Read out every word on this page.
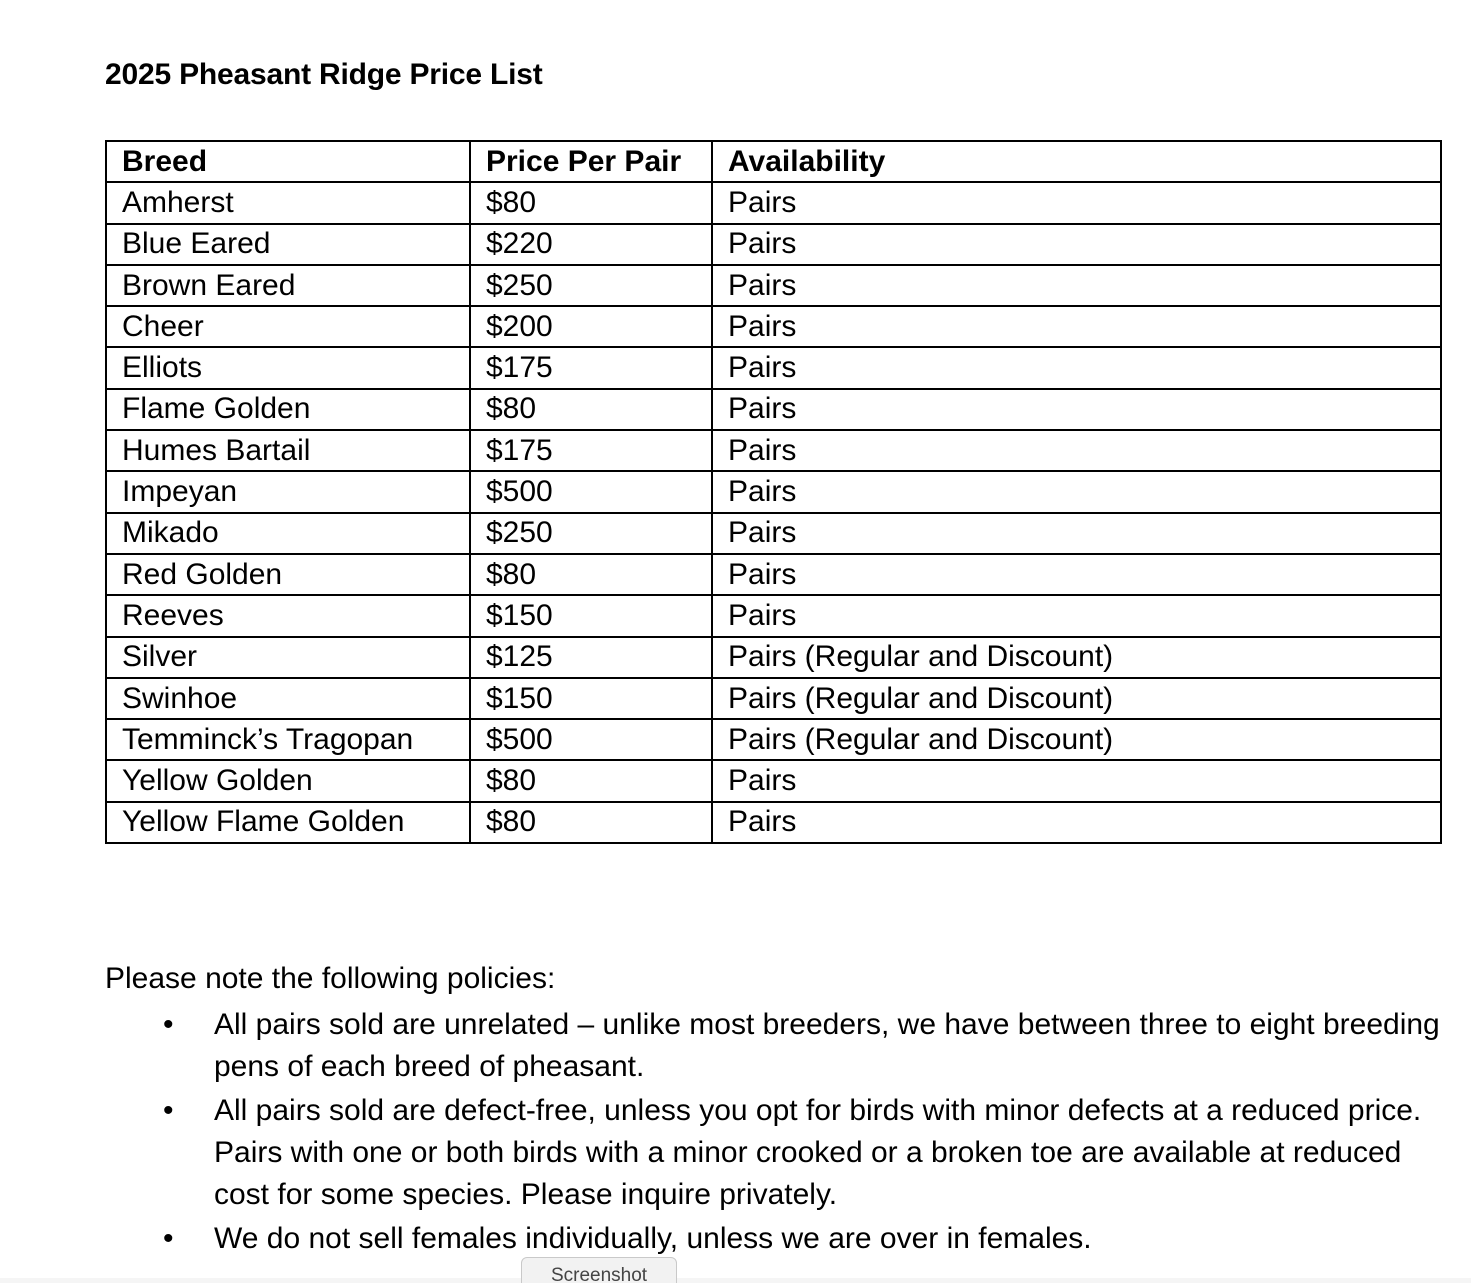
2025 Pheasant Ridge Price List
Breed	Price Per Pair	Availability
Amherst	$80	Pairs
Blue Eared	$220	Pairs
Brown Eared	$250	Pairs
Cheer	$200	Pairs
Elliots	$175	Pairs
Flame Golden	$80	Pairs
Humes Bartail	$175	Pairs
Impeyan	$500	Pairs
Mikado	$250	Pairs
Red Golden	$80	Pairs
Reeves	$150	Pairs
Silver	$125	Pairs (Regular and Discount)
Swinhoe	$150	Pairs (Regular and Discount)
Temminck’s Tragopan	$500	Pairs (Regular and Discount)
Yellow Golden	$80	Pairs
Yellow Flame Golden	$80	Pairs
Please note the following policies:
• All pairs sold are unrelated – unlike most breeders, we have between three to eight breeding pens of each breed of pheasant.
• All pairs sold are defect-free, unless you opt for birds with minor defects at a reduced price. Pairs with one or both birds with a minor crooked or a broken toe are available at reduced cost for some species. Please inquire privately.
• We do not sell females individually, unless we are over in females.
Screenshot
